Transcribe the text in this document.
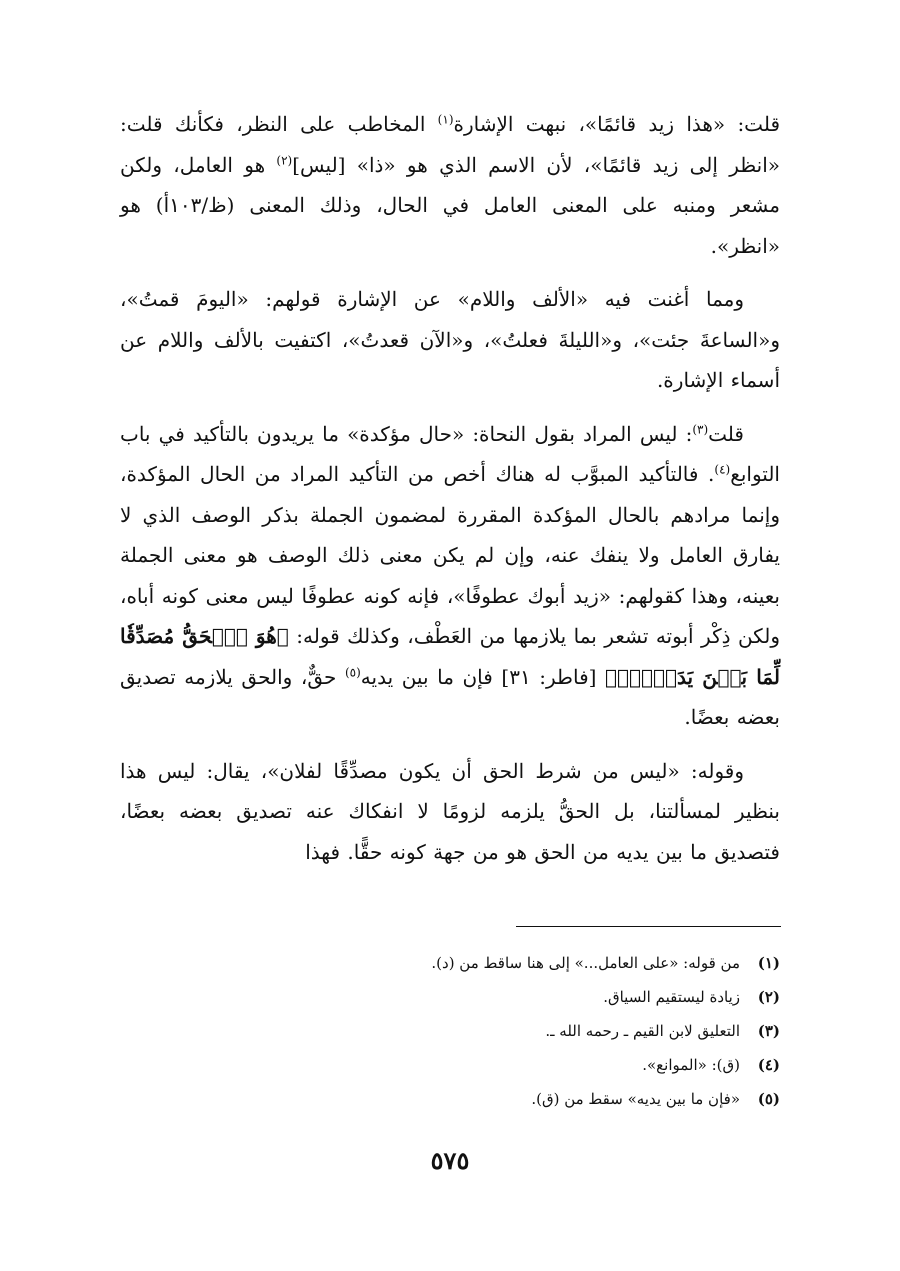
قلت: «هذا زيد قائمًا»، نبهت الإشارة$^{(١)}$ المخاطب على النظر، فكأنك قلت: «انظر إلى زيد قائمًا»، لأن الاسم الذي هو «ذا» [ليس]$^{(٢)}$ هو العامل، ولكن مشعر ومنبه على المعنى العامل في الحال، وذلك المعنى (ظ/١٠٣أ) هو «انظر».

ومما أغنت فيه «الألف واللام» عن الإشارة قولهم: «اليومَ قمتُ»، و«الساعةَ جئت»، و«الليلةَ فعلتُ»، و«الآن قعدتُ»، اكتفيت بالألف واللام عن أسماء الإشارة.

قلت$^{(٣)}$: ليس المراد بقول النحاة: «حال مؤكدة» ما يريدون بالتأكيد في باب التوابع$^{(٤)}$. فالتأكيد المبوَّب له هناك أخص من التأكيد المراد من الحال المؤكدة، وإنما مرادهم بالحال المؤكدة المقررة لمضمون الجملة بذكر الوصف الذي لا يفارق العامل ولا ينفك عنه، وإن لم يكن معنى ذلك الوصف هو معنى الجملة بعينه، وهذا كقولهم: «زيد أبوك عطوفًا»، فإنه كونه عطوفًا ليس معنى كونه أباه، ولكن ذِكْر أبوته تشعر بما يلازمها من العَطْف، وكذلك قوله: ﴿هُوَ ٱلۡحَقُّ مُصَدِّقٗا لِّمَا بَيۡنَ يَدَيۡهِۚ﴾ [فاطر: ٣١] فإن ما بين يديه$^{(٥)}$ حقٌّ، والحق يلازمه تصديق بعضه بعضًا.

وقوله: «ليس من شرط الحق أن يكون مصدِّقًا لفلان»، يقال: ليس هذا بنظير لمسألتنا، بل الحقُّ يلزمه لزومًا لا انفكاك عنه تصديق بعضه بعضًا، فتصديق ما بين يديه من الحق هو من جهة كونه حقًّا. فهذا

(١)
من قوله: «على العامل...» إلى هنا ساقط من (د).
(٢)
زيادة ليستقيم السياق.
(٣)
التعليق لابن القيم ـ رحمه الله ـ.
(٤)
(ق): «الموانع».
(٥)
«فإن ما بين يديه» سقط من (ق).
٥٧٥
